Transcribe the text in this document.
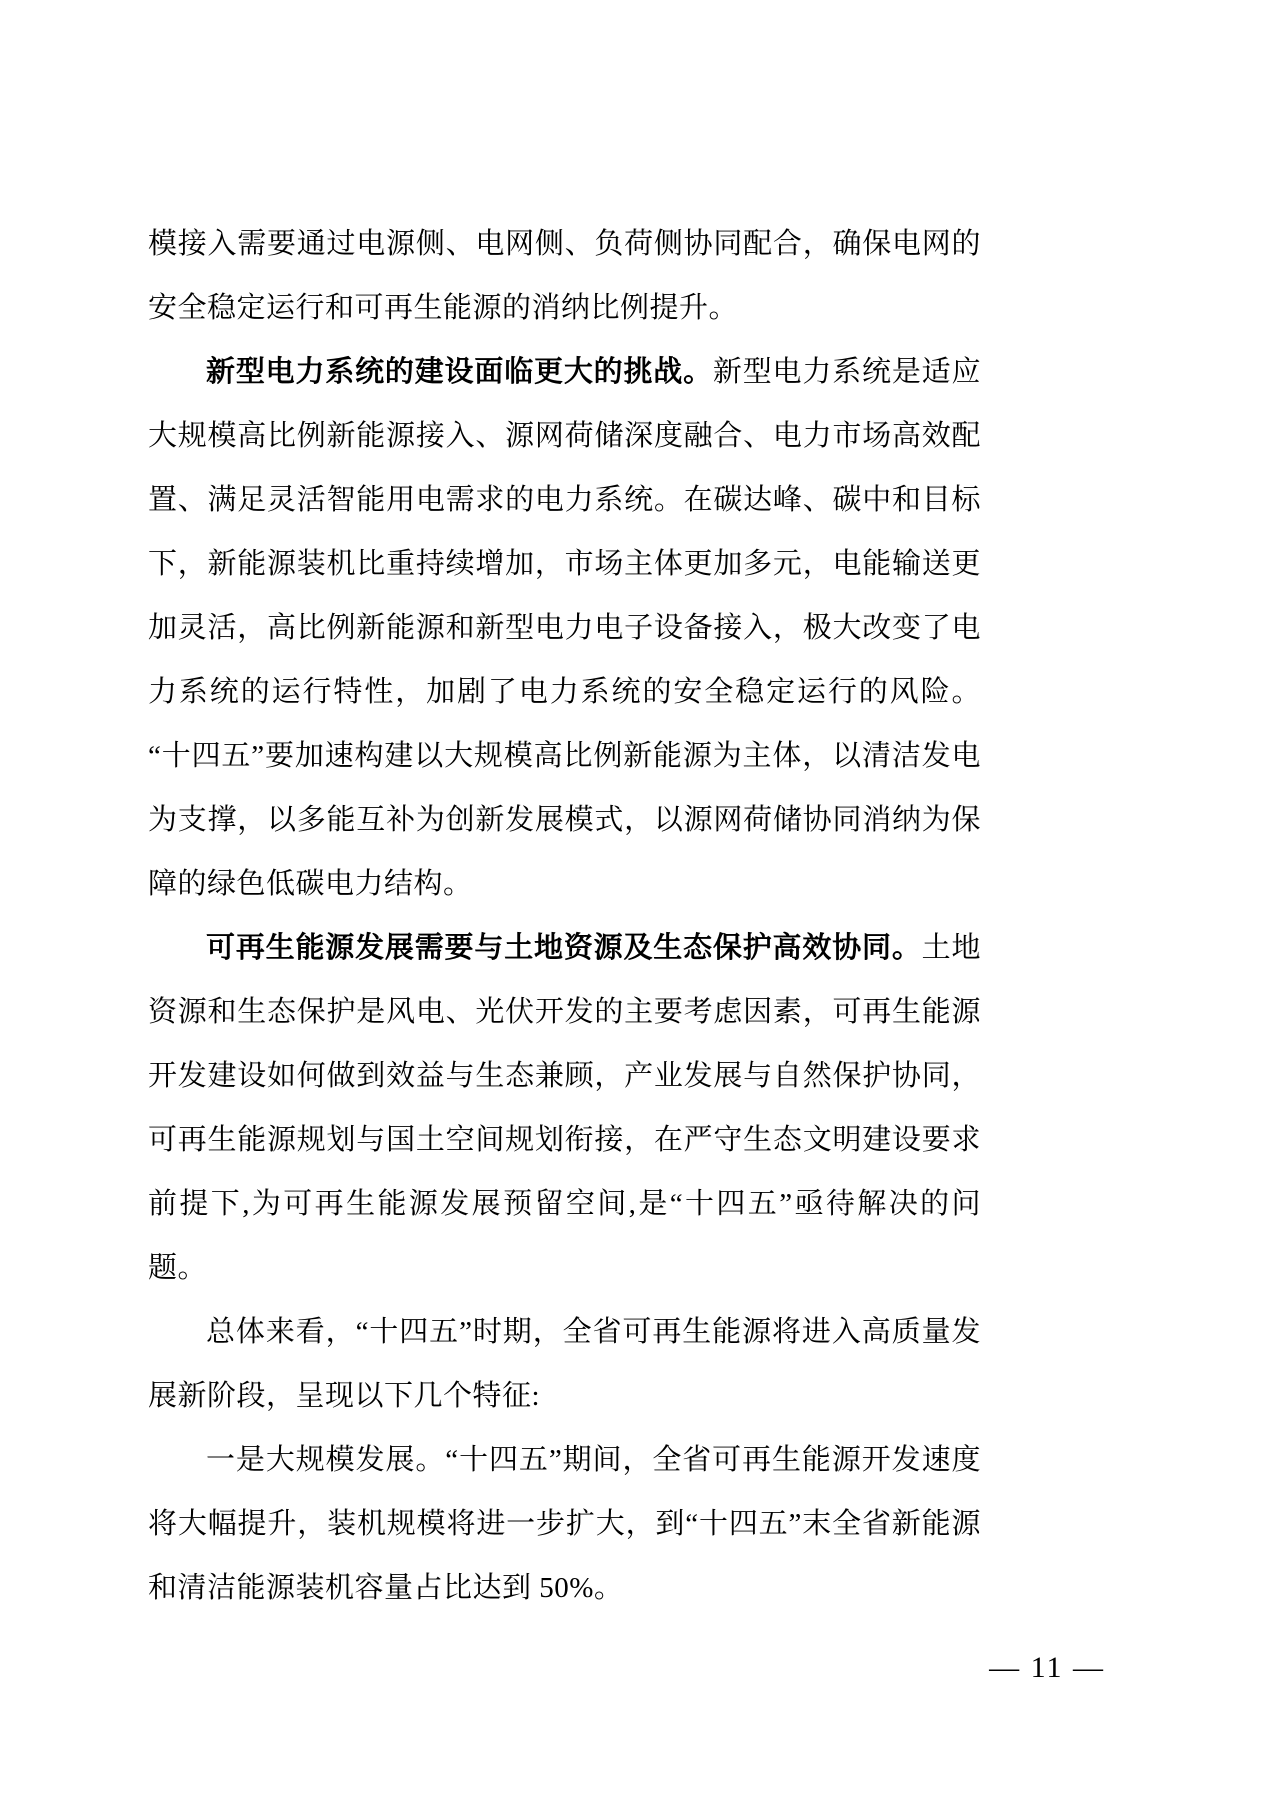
模接入需要通过电源侧、电网侧、负荷侧协同配合，确保电网的安全稳定运行和可再生能源的消纳比例提升。

新型电力系统的建设面临更大的挑战。新型电力系统是适应大规模高比例新能源接入、源网荷储深度融合、电力市场高效配置、满足灵活智能用电需求的电力系统。在碳达峰、碳中和目标下，新能源装机比重持续增加，市场主体更加多元，电能输送更加灵活，高比例新能源和新型电力电子设备接入，极大改变了电力系统的运行特性，加剧了电力系统的安全稳定运行的风险。“十四五”要加速构建以大规模高比例新能源为主体，以清洁发电为支撑，以多能互补为创新发展模式，以源网荷储协同消纳为保障的绿色低碳电力结构。

可再生能源发展需要与土地资源及生态保护高效协同。土地资源和生态保护是风电、光伏开发的主要考虑因素，可再生能源开发建设如何做到效益与生态兼顾，产业发展与自然保护协同，可再生能源规划与国土空间规划衔接，在严守生态文明建设要求前提下,为可再生能源发展预留空间,是“十四五”亟待解决的问题。

总体来看，“十四五”时期，全省可再生能源将进入高质量发展新阶段，呈现以下几个特征:

一是大规模发展。“十四五”期间，全省可再生能源开发速度将大幅提升，装机规模将进一步扩大，到“十四五”末全省新能源和清洁能源装机容量占比达到 50%。

— 11 —
